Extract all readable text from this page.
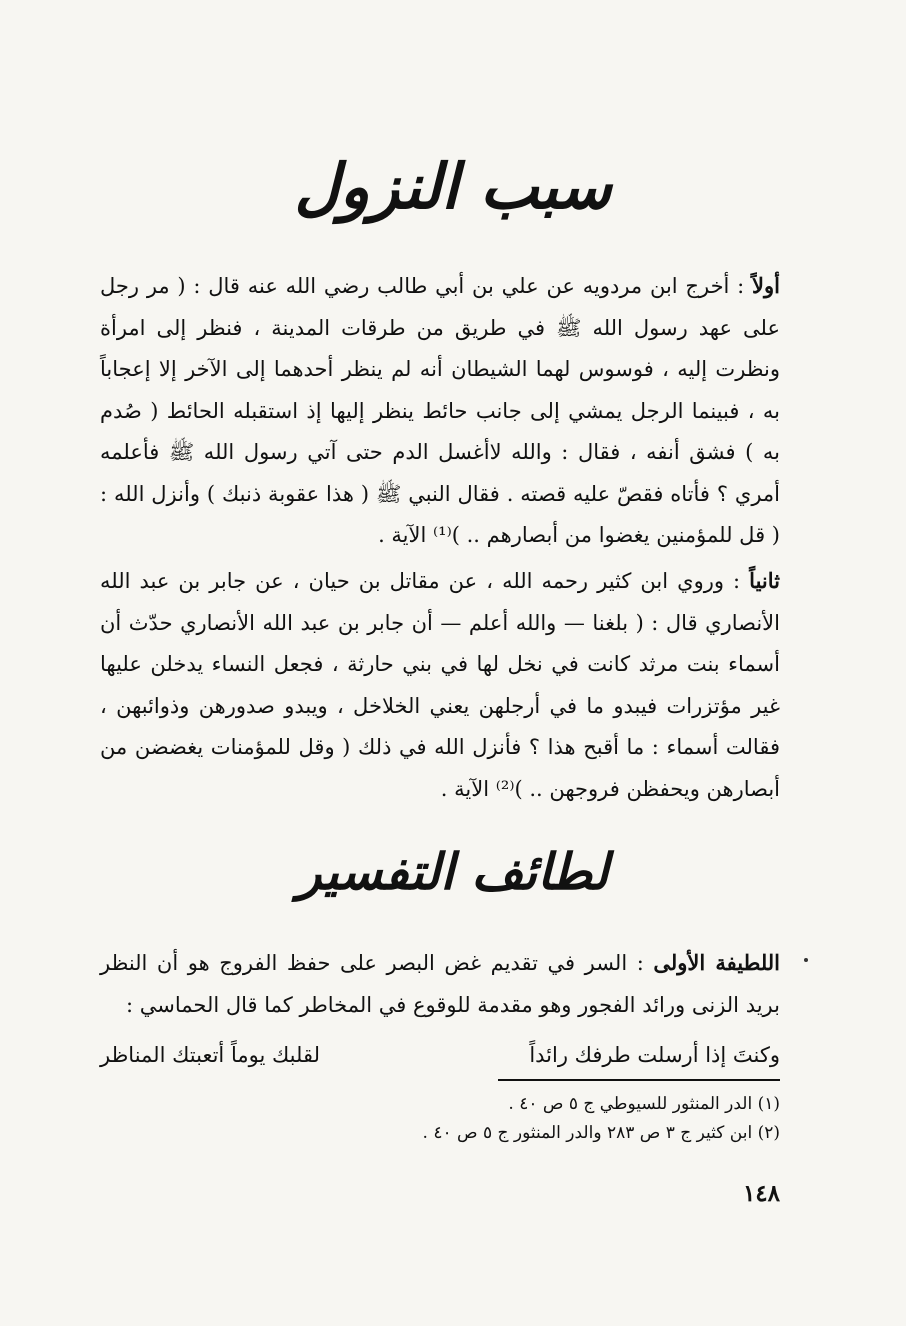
سبب النزول

أولاً : أخرج ابن مردويه عن علي بن أبي طالب رضي الله عنه قال : ( مر رجل على عهد رسول الله ﷺ في طريق من طرقات المدينة ، فنظر إلى امرأة ونظرت إليه ، فوسوس لهما الشيطان أنه لم ينظر أحدهما إلى الآخر إلا إعجاباً به ، فبينما الرجل يمشي إلى جانب حائط ينظر إليها إذ استقبله الحائط ( صُدم به ) فشق أنفه ، فقال : والله لاأغسل الدم حتى آتي رسول الله ﷺ فأعلمه أمري ؟ فأتاه فقصّ عليه قصته . فقال النبي ﷺ ( هذا عقوبة ذنبك ) وأنزل الله : ( قل للمؤمنين يغضوا من أبصارهم .. )⁽¹⁾ الآية .

ثانياً : وروي ابن كثير رحمه الله ، عن مقاتل بن حيان ، عن جابر بن عبد الله الأنصاري قال : ( بلغنا — والله أعلم — أن جابر بن عبد الله الأنصاري حدّث أن أسماء بنت مرثد كانت في نخل لها في بني حارثة ، فجعل النساء يدخلن عليها غير مؤتزرات فيبدو ما في أرجلهن يعني الخلاخل ، ويبدو صدورهن وذوائبهن ، فقالت أسماء : ما أقبح هذا ؟ فأنزل الله في ذلك ( وقل للمؤمنات يغضضن من أبصارهن ويحفظن فروجهن .. )⁽²⁾ الآية .

لطائف التفسير

اللطيفة الأولى : السر في تقديم غض البصر على حفظ الفروج هو أن النظر بريد الزنى ورائد الفجور وهو مقدمة للوقوع في المخاطر كما قال الحماسي :

وكنتَ إذا أرسلت طرفك رائداً
لقلبك يوماً أتعبتك المناظر
(١) الدر المنثور للسيوطي ج ٥ ص ٤٠ .
(٢) ابن كثير ج ٣ ص ٢٨٣ والدر المنثور ج ٥ ص ٤٠ .
١٤٨
